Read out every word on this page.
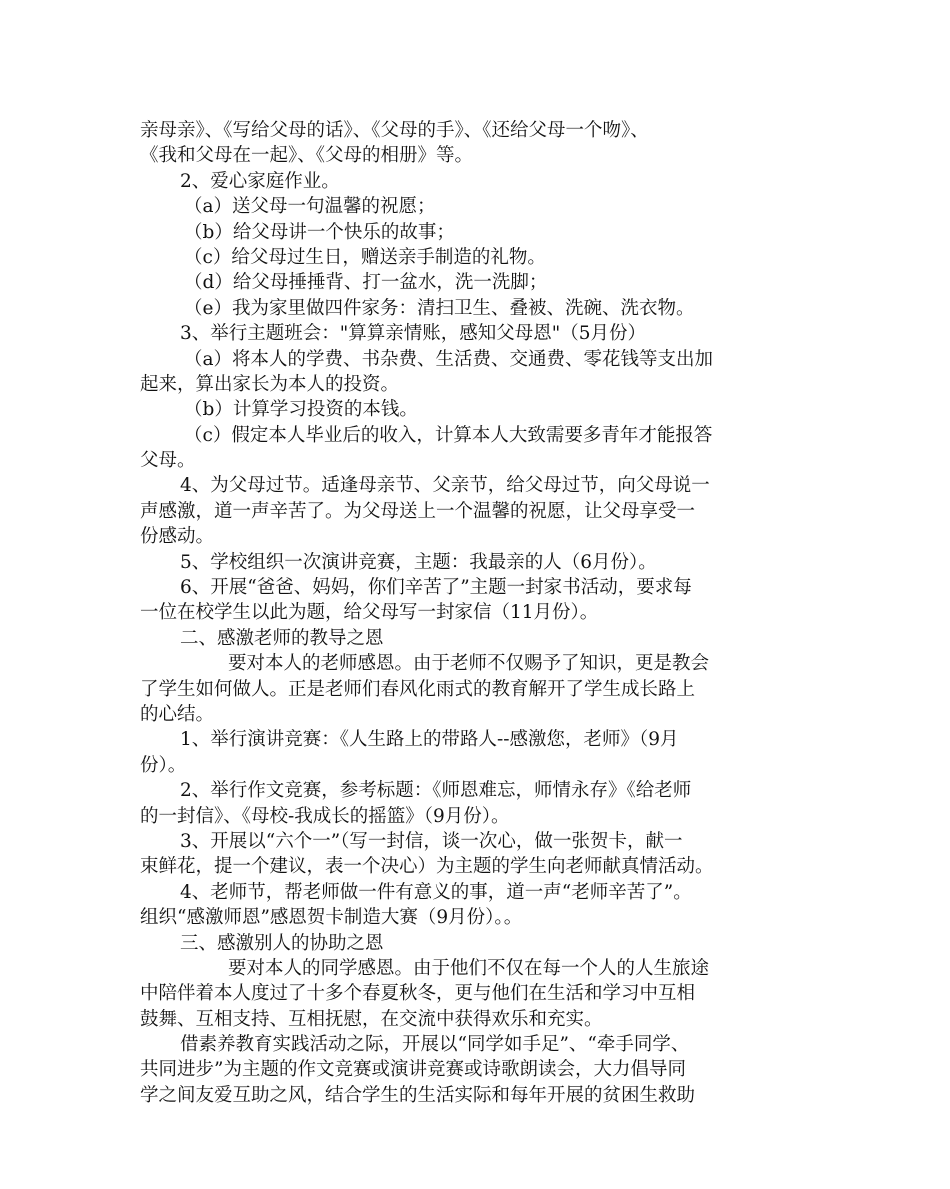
亲母亲》、《写给父母的话》、《父母的手》、《还给父母一个吻》、
《我和父母在一起》、《父母的相册》等。
2、爱心家庭作业。
（a）送父母一句温馨的祝愿；
（b）给父母讲一个快乐的故事；
（c）给父母过生日，赠送亲手制造的礼物。
（d）给父母捶捶背、打一盆水，洗一洗脚；
（e）我为家里做四件家务：清扫卫生、叠被、洗碗、洗衣物。
3、举行主题班会："算算亲情账，感知父母恩"（5月份）
（a）将本人的学费、书杂费、生活费、交通费、零花钱等支出加
起来，算出家长为本人的投资。
（b）计算学习投资的本钱。
（c）假定本人毕业后的收入，计算本人大致需要多青年才能报答
父母。
4、为父母过节。适逢母亲节、父亲节，给父母过节，向父母说一
声感激，道一声辛苦了。为父母送上一个温馨的祝愿，让父母享受一
份感动。
5、学校组织一次演讲竞赛，主题：我最亲的人（6月份）。
6、开展“爸爸、妈妈，你们辛苦了”主题一封家书活动，要求每
一位在校学生以此为题，给父母写一封家信（11月份）。
二、感激老师的教导之恩
要对本人的老师感恩。由于老师不仅赐予了知识，更是教会
了学生如何做人。正是老师们春风化雨式的教育解开了学生成长路上
的心结。
1、举行演讲竞赛：《人生路上的带路人--感激您，老师》（9月
份）。
2、举行作文竞赛，参考标题：《师恩难忘，师情永存》《给老师
的一封信》、《母校-我成长的摇篮》（9月份）。
3、开展以“六个一”（写一封信，谈一次心，做一张贺卡，献一
束鲜花，提一个建议，表一个决心）为主题的学生向老师献真情活动。
4、老师节，帮老师做一件有意义的事，道一声“老师辛苦了”。
组织“感激师恩”感恩贺卡制造大赛（9月份）。。
三、感激别人的协助之恩
要对本人的同学感恩。由于他们不仅在每一个人的人生旅途
中陪伴着本人度过了十多个春夏秋冬，更与他们在生活和学习中互相
鼓舞、互相支持、互相抚慰，在交流中获得欢乐和充实。
借素养教育实践活动之际，开展以“同学如手足”、“牵手同学、
共同进步”为主题的作文竞赛或演讲竞赛或诗歌朗读会，大力倡导同
学之间友爱互助之风，结合学生的生活实际和每年开展的贫困生救助
